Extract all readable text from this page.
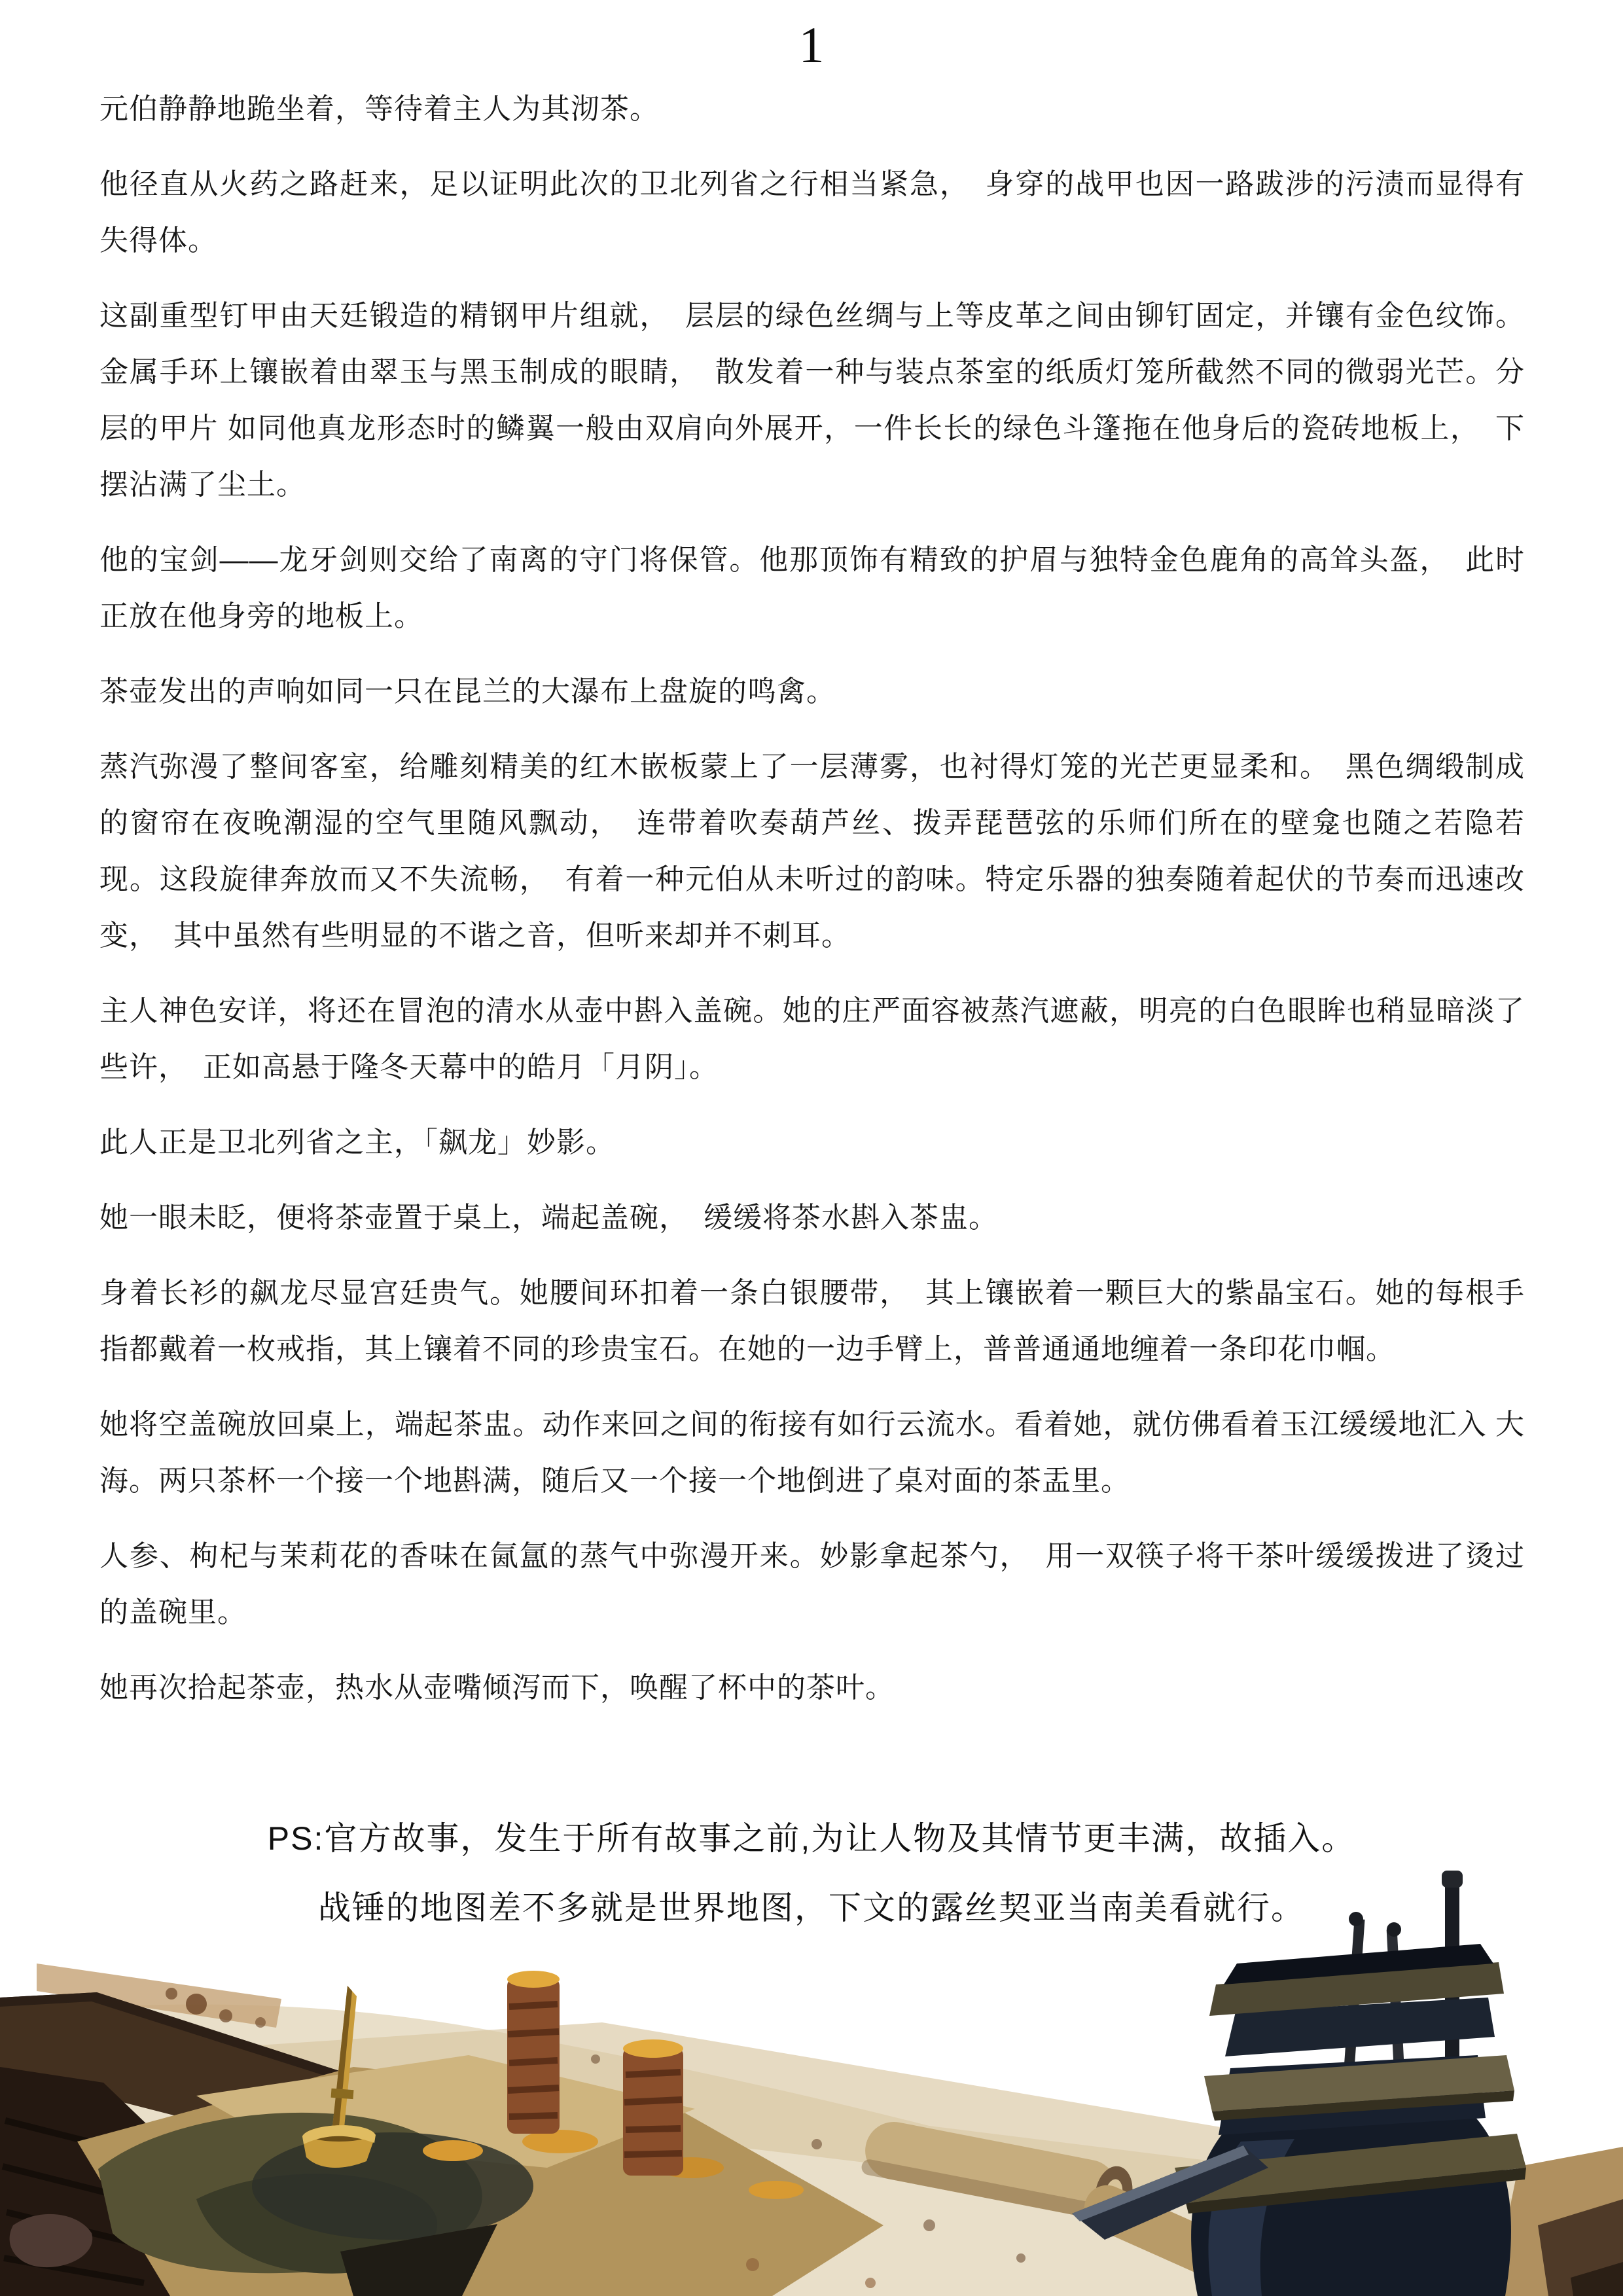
1

元伯静静地跪坐着，等待着主人为其沏茶。

他径直从火药之路赶来，足以证明此次的卫北列省之行相当紧急，　身穿的战甲也因一路跋涉的污渍而显得有失得体。

这副重型钉甲由天廷锻造的精钢甲片组就，　层层的绿色丝绸与上等皮革之间由铆钉固定，并镶有金色纹饰。金属手环上镶嵌着由翠玉与黑玉制成的眼睛，　散发着一种与装点茶室的纸质灯笼所截然不同的微弱光芒。分层的甲片 如同他真龙形态时的鳞翼一般由双肩向外展开，一件长长的绿色斗篷拖在他身后的瓷砖地板上，　下摆沾满了尘土。

他的宝剑——龙牙剑则交给了南离的守门将保管。他那顶饰有精致的护眉与独特金色鹿角的高耸头盔，　此时正放在他身旁的地板上。

茶壶发出的声响如同一只在昆兰的大瀑布上盘旋的鸣禽。

蒸汽弥漫了整间客室，给雕刻精美的红木嵌板蒙上了一层薄雾，也衬得灯笼的光芒更显柔和。　黑色绸缎制成的窗帘在夜晚潮湿的空气里随风飘动，　连带着吹奏葫芦丝、拨弄琵琶弦的乐师们所在的壁龛也随之若隐若现。这段旋律奔放而又不失流畅，　有着一种元伯从未听过的韵味。特定乐器的独奏随着起伏的节奏而迅速改变，　其中虽然有些明显的不谐之音，但听来却并不刺耳。

主人神色安详，将还在冒泡的清水从壶中斟入盖碗。她的庄严面容被蒸汽遮蔽，明亮的白色眼眸也稍显暗淡了些许，　正如高悬于隆冬天幕中的皓月「月阴」。

此人正是卫北列省之主，「飙龙」妙影。

她一眼未眨，便将茶壶置于桌上，端起盖碗，　缓缓将茶水斟入茶盅。

身着长衫的飙龙尽显宫廷贵气。她腰间环扣着一条白银腰带，　其上镶嵌着一颗巨大的紫晶宝石。她的每根手指都戴着一枚戒指，其上镶着不同的珍贵宝石。在她的一边手臂上，普普通通地缠着一条印花巾帼。

她将空盖碗放回桌上，端起茶盅。动作来回之间的衔接有如行云流水。看着她，就仿佛看着玉江缓缓地汇入 大海。两只茶杯一个接一个地斟满，随后又一个接一个地倒进了桌对面的茶盂里。

人参、枸杞与茉莉花的香味在氤氲的蒸气中弥漫开来。妙影拿起茶勺，　用一双筷子将干茶叶缓缓拨进了烫过的盖碗里。

她再次拾起茶壶，热水从壶嘴倾泻而下，唤醒了杯中的茶叶。

PS:官方故事，发生于所有故事之前,为让人物及其情节更丰满，故插入。
战锤的地图差不多就是世界地图，下文的露丝契亚当南美看就行。
